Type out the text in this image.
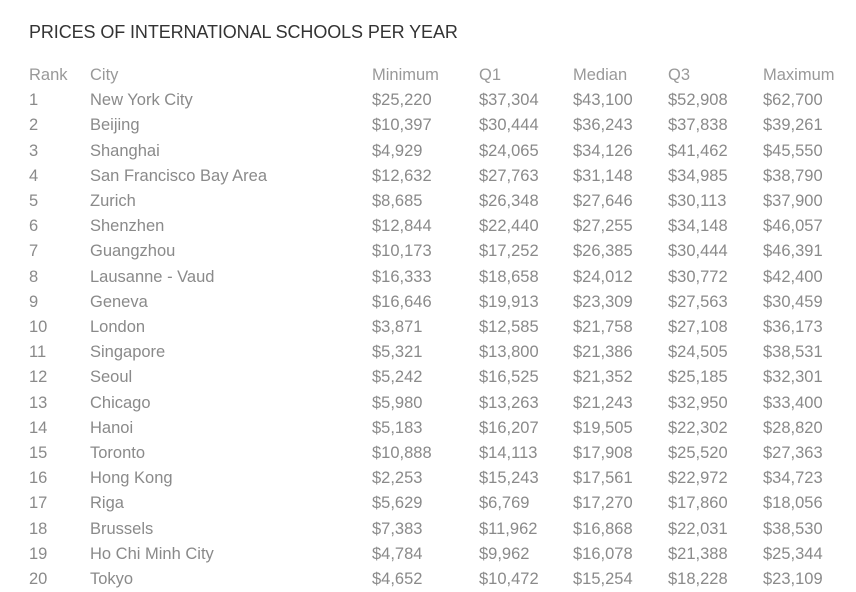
PRICES OF INTERNATIONAL SCHOOLS PER YEAR
Rank	City	Minimum	Q1	Median	Q3	Maximum
1	New York City	$25,220	$37,304	$43,100	$52,908	$62,700
2	Beijing	$10,397	$30,444	$36,243	$37,838	$39,261
3	Shanghai	$4,929	$24,065	$34,126	$41,462	$45,550
4	San Francisco Bay Area	$12,632	$27,763	$31,148	$34,985	$38,790
5	Zurich	$8,685	$26,348	$27,646	$30,113	$37,900
6	Shenzhen	$12,844	$22,440	$27,255	$34,148	$46,057
7	Guangzhou	$10,173	$17,252	$26,385	$30,444	$46,391
8	Lausanne - Vaud	$16,333	$18,658	$24,012	$30,772	$42,400
9	Geneva	$16,646	$19,913	$23,309	$27,563	$30,459
10	London	$3,871	$12,585	$21,758	$27,108	$36,173
11	Singapore	$5,321	$13,800	$21,386	$24,505	$38,531
12	Seoul	$5,242	$16,525	$21,352	$25,185	$32,301
13	Chicago	$5,980	$13,263	$21,243	$32,950	$33,400
14	Hanoi	$5,183	$16,207	$19,505	$22,302	$28,820
15	Toronto	$10,888	$14,113	$17,908	$25,520	$27,363
16	Hong Kong	$2,253	$15,243	$17,561	$22,972	$34,723
17	Riga	$5,629	$6,769	$17,270	$17,860	$18,056
18	Brussels	$7,383	$11,962	$16,868	$22,031	$38,530
19	Ho Chi Minh City	$4,784	$9,962	$16,078	$21,388	$25,344
20	Tokyo	$4,652	$10,472	$15,254	$18,228	$23,109
